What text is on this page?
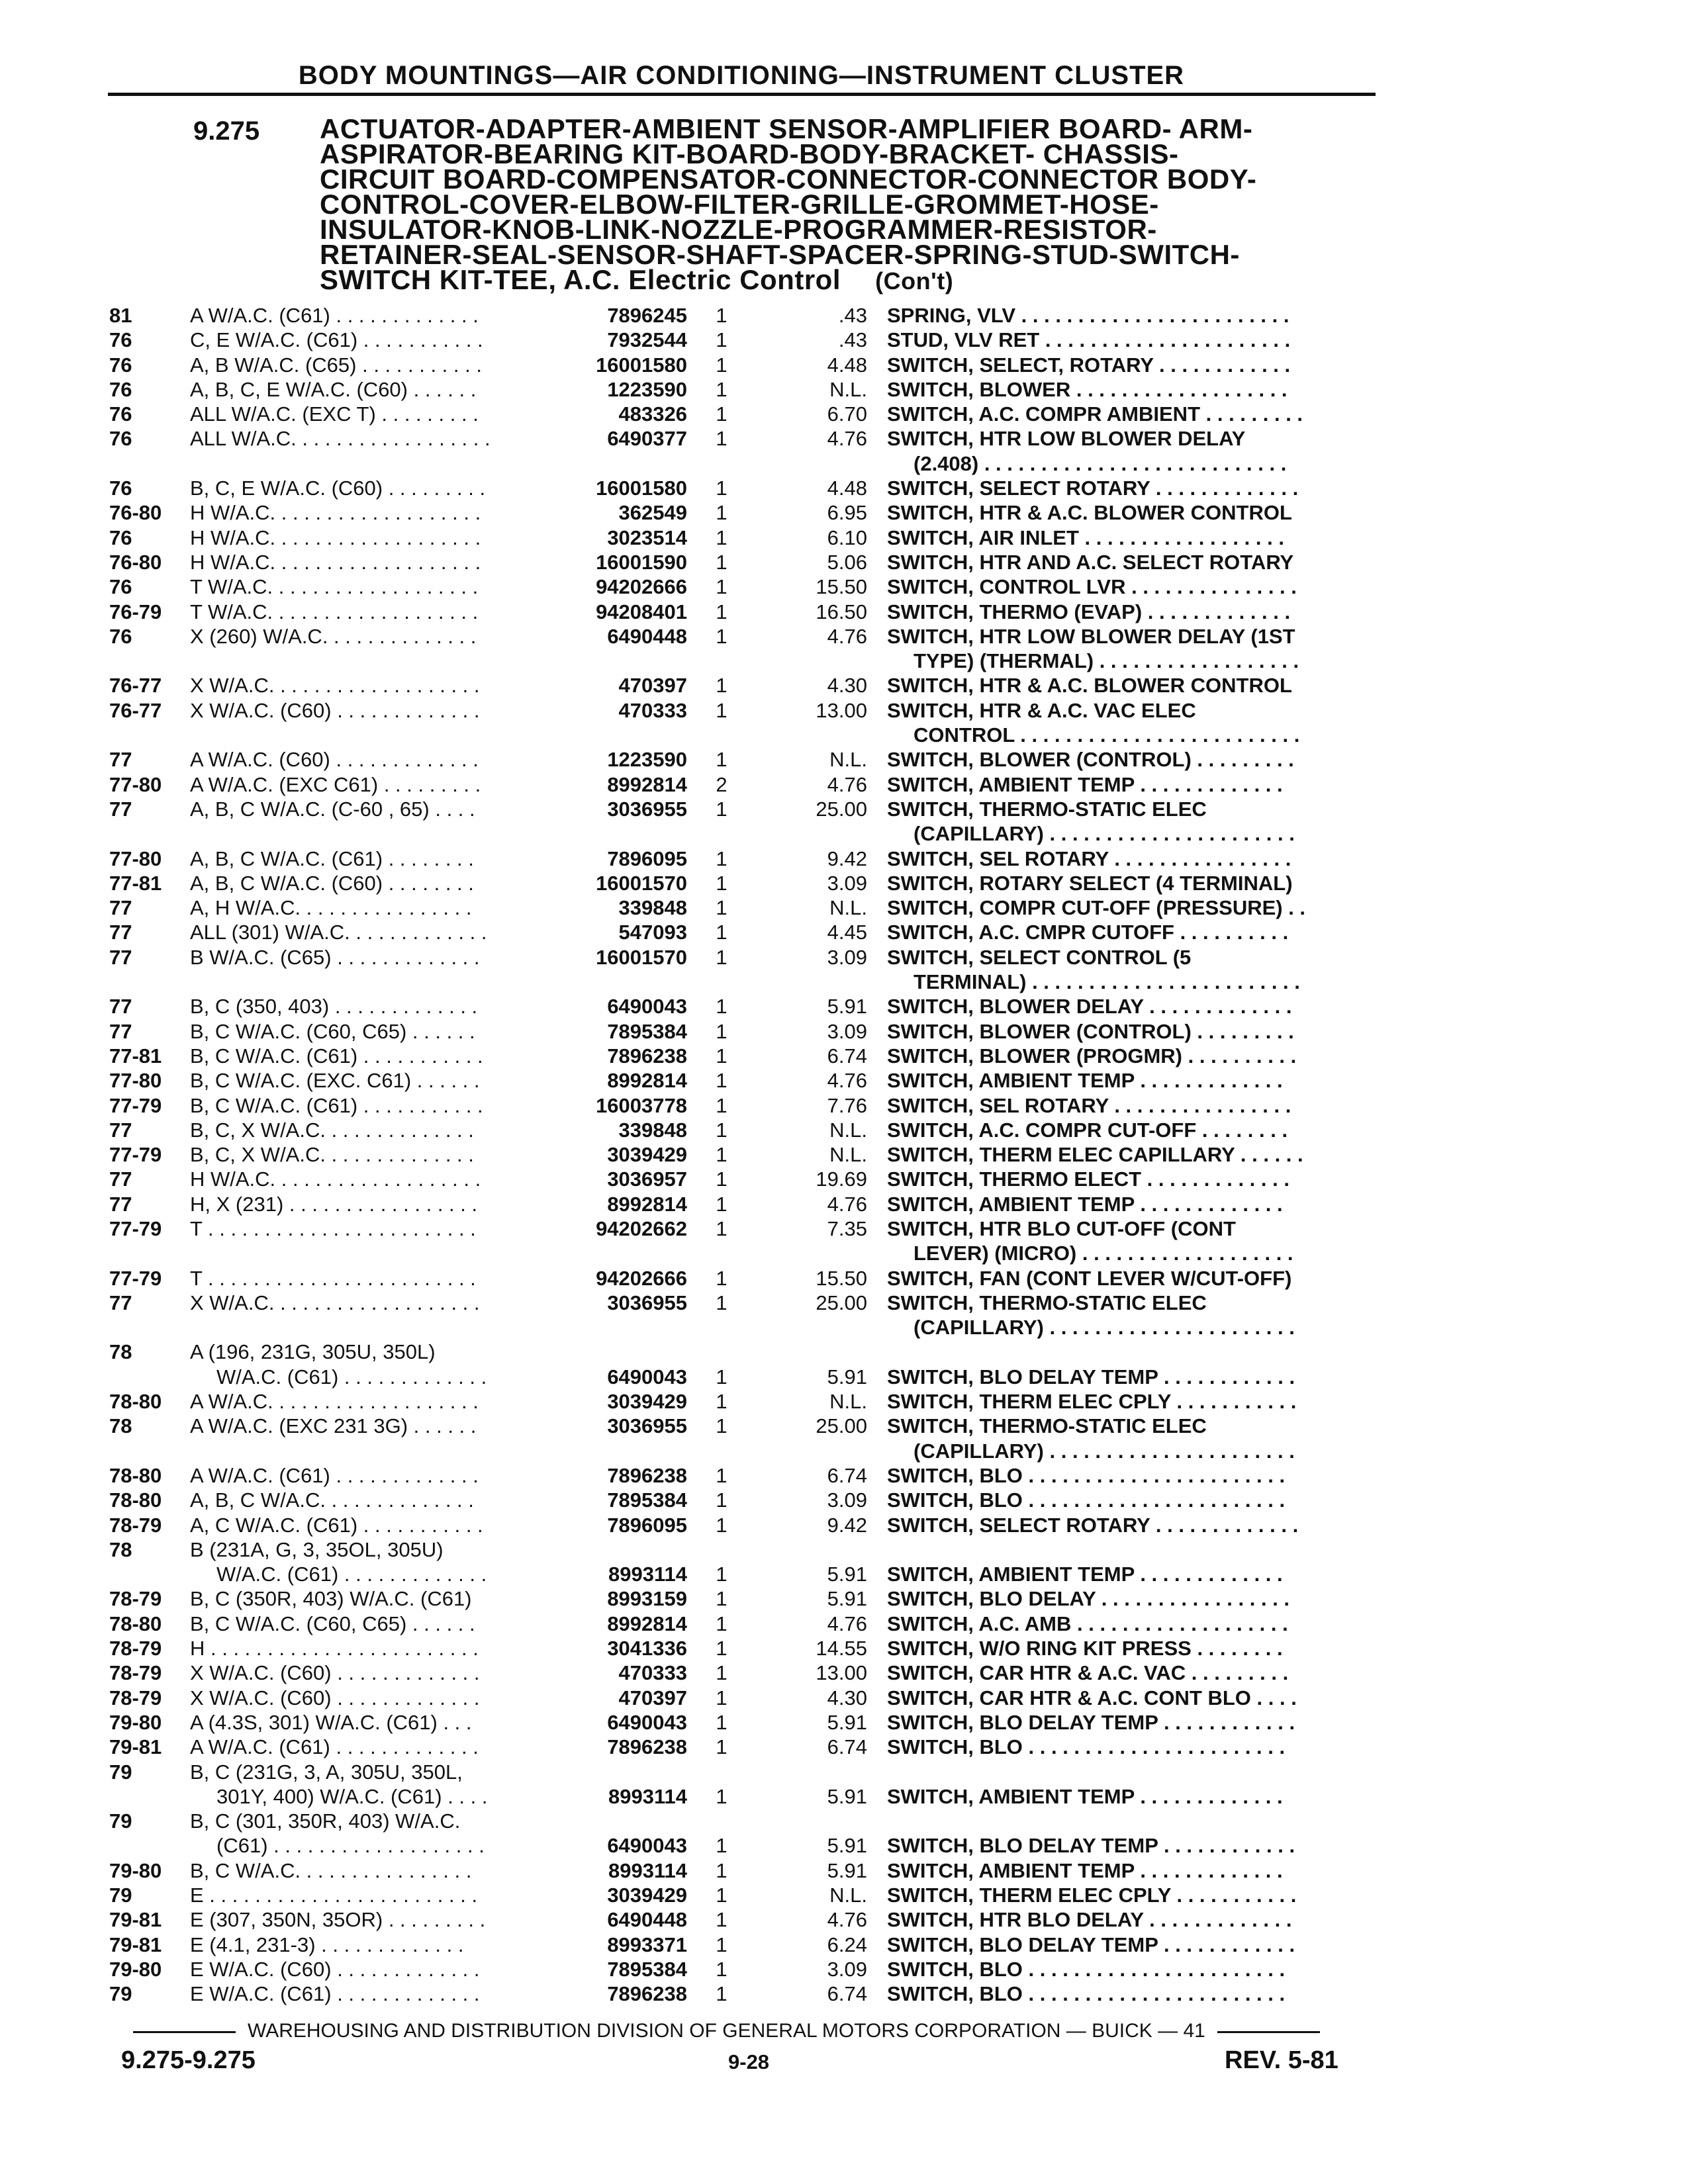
BODY MOUNTINGS—AIR CONDITIONING—INSTRUMENT CLUSTER
9.275 ACTUATOR-ADAPTER-AMBIENT SENSOR-AMPLIFIER BOARD- ARM-
ASPIRATOR-BEARING KIT-BOARD-BODY-BRACKET- CHASSIS-
CIRCUIT BOARD-COMPENSATOR-CONNECTOR-CONNECTOR BODY-
CONTROL-COVER-ELBOW-FILTER-GRILLE-GROMMET-HOSE-
INSULATOR-KNOB-LINK-NOZZLE-PROGRAMMER-RESISTOR-
RETAINER-SEAL-SENSOR-SHAFT-SPACER-SPRING-STUD-SWITCH-
SWITCH KIT-TEE, A.C. Electric Control (Con't)
81	A W/A.C. (C61) . . . . . . . . . . . . .	7896245	1	.43 SPRING, VLV . . . . . . . . . . . . . . . . . . . . . . . .
76	C, E W/A.C. (C61) . . . . . . . . . . .	7932544	1	.43 STUD, VLV RET . . . . . . . . . . . . . . . . . . . . . .
76	A, B W/A.C. (C65) . . . . . . . . . . .	16001580	1	4.48 SWITCH, SELECT, ROTARY . . . . . . . . . . . .
76	A, B, C, E W/A.C. (C60) . . . . . .	1223590	1	N.L. SWITCH, BLOWER . . . . . . . . . . . . . . . . . . .
76	ALL W/A.C. (EXC T) . . . . . . . . .	483326	1	6.70 SWITCH, A.C. COMPR AMBIENT . . . . . . . . .
76	ALL W/A.C. . . . . . . . . . . . . . . . . .	6490377	1	4.76 SWITCH, HTR LOW BLOWER DELAY
(2.408) . . . . . . . . . . . . . . . . . . . . . . . . . . .
76	B, C, E W/A.C. (C60) . . . . . . . . .	16001580	1	4.48 SWITCH, SELECT ROTARY . . . . . . . . . . . . .
76-80 H W/A.C. . . . . . . . . . . . . . . . . . .	362549	1	6.95 SWITCH, HTR & A.C. BLOWER CONTROL
76	H W/A.C. . . . . . . . . . . . . . . . . . .	3023514	1	6.10 SWITCH, AIR INLET . . . . . . . . . . . . . . . . . .
76-80 H W/A.C. . . . . . . . . . . . . . . . . . .	16001590	1	5.06 SWITCH, HTR AND A.C. SELECT ROTARY
76	T W/A.C. . . . . . . . . . . . . . . . . . .	94202666	1	15.50 SWITCH, CONTROL LVR . . . . . . . . . . . . . . .
76-79 T W/A.C. . . . . . . . . . . . . . . . . . .	94208401	1	16.50 SWITCH, THERMO (EVAP) . . . . . . . . . . . . .
76	X (260) W/A.C. . . . . . . . . . . . . .	6490448	1	4.76 SWITCH, HTR LOW BLOWER DELAY (1ST
TYPE) (THERMAL) . . . . . . . . . . . . . . . . . .
76-77 X W/A.C. . . . . . . . . . . . . . . . . . .	470397	1	4.30 SWITCH, HTR & A.C. BLOWER CONTROL
76-77 X W/A.C. (C60) . . . . . . . . . . . . .	470333	1	13.00 SWITCH, HTR & A.C. VAC ELEC
CONTROL . . . . . . . . . . . . . . . . . . . . . . . . .
77	A W/A.C. (C60) . . . . . . . . . . . . .	1223590	1	N.L. SWITCH, BLOWER (CONTROL) . . . . . . . . .
77-80 A W/A.C. (EXC C61) . . . . . . . . .	8992814	2	4.76 SWITCH, AMBIENT TEMP . . . . . . . . . . . . .
77	A, B, C W/A.C. (C-60 , 65) . . . .	3036955	1	25.00 SWITCH, THERMO-STATIC ELEC
(CAPILLARY) . . . . . . . . . . . . . . . . . . . . . .
77-80 A, B, C W/A.C. (C61) . . . . . . . .	7896095	1	9.42 SWITCH, SEL ROTARY . . . . . . . . . . . . . . . .
77-81 A, B, C W/A.C. (C60) . . . . . . . .	16001570	1	3.09 SWITCH, ROTARY SELECT (4 TERMINAL)
77	A, H W/A.C. . . . . . . . . . . . . . . .	339848	1	N.L. SWITCH, COMPR CUT-OFF (PRESSURE) . .
77	ALL (301) W/A.C. . . . . . . . . . . . .	547093	1	4.45 SWITCH, A.C. CMPR CUTOFF . . . . . . . . . .
77	B W/A.C. (C65) . . . . . . . . . . . . .	16001570	1	3.09 SWITCH, SELECT CONTROL (5
TERMINAL) . . . . . . . . . . . . . . . . . . . . . . . .
77	B, C (350, 403) . . . . . . . . . . . . .	6490043	1	5.91 SWITCH, BLOWER DELAY . . . . . . . . . . . . .
77	B, C W/A.C. (C60, C65) . . . . . .	7895384	1	3.09 SWITCH, BLOWER (CONTROL) . . . . . . . . .
77-81 B, C W/A.C. (C61) . . . . . . . . . . .	7896238	1	6.74 SWITCH, BLOWER (PROGMR) . . . . . . . . . .
77-80 B, C W/A.C. (EXC. C61) . . . . . .	8992814	1	4.76 SWITCH, AMBIENT TEMP . . . . . . . . . . . . .
77-79 B, C W/A.C. (C61) . . . . . . . . . . .	16003778	1	7.76 SWITCH, SEL ROTARY . . . . . . . . . . . . . . . .
77	B, C, X W/A.C. . . . . . . . . . . . . .	339848	1	N.L. SWITCH, A.C. COMPR CUT-OFF . . . . . . . .
77-79 B, C, X W/A.C. . . . . . . . . . . . . .	3039429	1	N.L. SWITCH, THERM ELEC CAPILLARY . . . . . .
77	H W/A.C. . . . . . . . . . . . . . . . . . .	3036957	1	19.69 SWITCH, THERMO ELECT . . . . . . . . . . . . .
77	H, X (231) . . . . . . . . . . . . . . . . .	8992814	1	4.76 SWITCH, AMBIENT TEMP . . . . . . . . . . . . .
77-79 T . . . . . . . . . . . . . . . . . . . . . . . .	94202662	1	7.35 SWITCH, HTR BLO CUT-OFF (CONT
LEVER) (MICRO) . . . . . . . . . . . . . . . . . . .
77-79 T . . . . . . . . . . . . . . . . . . . . . . . .	94202666	1	15.50 SWITCH, FAN (CONT LEVER W/CUT-OFF)
77	X W/A.C. . . . . . . . . . . . . . . . . . .	3036955	1	25.00 SWITCH, THERMO-STATIC ELEC
(CAPILLARY) . . . . . . . . . . . . . . . . . . . . . .
78	A (196, 231G, 305U, 350L)
W/A.C. (C61) . . . . . . . . . . . . .	6490043	1	5.91 SWITCH, BLO DELAY TEMP . . . . . . . . . . . .
78-80 A W/A.C. . . . . . . . . . . . . . . . . . .	3039429	1	N.L. SWITCH, THERM ELEC CPLY . . . . . . . . . . .
78	A W/A.C. (EXC 231 3G) . . . . . .	3036955	1	25.00 SWITCH, THERMO-STATIC ELEC
(CAPILLARY) . . . . . . . . . . . . . . . . . . . . . .
78-80 A W/A.C. (C61) . . . . . . . . . . . . .	7896238	1	6.74 SWITCH, BLO . . . . . . . . . . . . . . . . . . . . . . .
78-80 A, B, C W/A.C. . . . . . . . . . . . . .	7895384	1	3.09 SWITCH, BLO . . . . . . . . . . . . . . . . . . . . . . .
78-79 A, C W/A.C. (C61) . . . . . . . . . . .	7896095	1	9.42 SWITCH, SELECT ROTARY . . . . . . . . . . . . .
78	B (231A, G, 3, 35OL, 305U)
W/A.C. (C61) . . . . . . . . . . . . .	8993114	1	5.91 SWITCH, AMBIENT TEMP . . . . . . . . . . . . .
78-79 B, C (350R, 403) W/A.C. (C61)	8993159	1	5.91 SWITCH, BLO DELAY . . . . . . . . . . . . . . . . .
78-80 B, C W/A.C. (C60, C65) . . . . . .	8992814	1	4.76 SWITCH, A.C. AMB . . . . . . . . . . . . . . . . . . .
78-79 H . . . . . . . . . . . . . . . . . . . . . . . .	3041336	1	14.55 SWITCH, W/O RING KIT PRESS . . . . . . . .
78-79 X W/A.C. (C60) . . . . . . . . . . . . .	470333	1	13.00 SWITCH, CAR HTR & A.C. VAC . . . . . . . . .
78-79 X W/A.C. (C60) . . . . . . . . . . . . .	470397	1	4.30 SWITCH, CAR HTR & A.C. CONT BLO . . . .
79-80 A (4.3S, 301) W/A.C. (C61) . . .	6490043	1	5.91 SWITCH, BLO DELAY TEMP . . . . . . . . . . . .
79-81 A W/A.C. (C61) . . . . . . . . . . . . .	7896238	1	6.74 SWITCH, BLO . . . . . . . . . . . . . . . . . . . . . . .
79	B, C (231G, 3, A, 305U, 350L,
301Y, 400) W/A.C. (C61) . . . .	8993114	1	5.91 SWITCH, AMBIENT TEMP . . . . . . . . . . . . .
79	B, C (301, 350R, 403) W/A.C.
(C61) . . . . . . . . . . . . . . . . . . .	6490043	1	5.91 SWITCH, BLO DELAY TEMP . . . . . . . . . . . .
79-80 B, C W/A.C. . . . . . . . . . . . . . . .	8993114	1	5.91 SWITCH, AMBIENT TEMP . . . . . . . . . . . . .
79	E . . . . . . . . . . . . . . . . . . . . . . . .	3039429	1	N.L. SWITCH, THERM ELEC CPLY . . . . . . . . . . .
79-81 E (307, 350N, 35OR) . . . . . . . . .	6490448	1	4.76 SWITCH, HTR BLO DELAY . . . . . . . . . . . . .
79-81 E (4.1, 231-3) . . . . . . . . . . . . .	8993371	1	6.24 SWITCH, BLO DELAY TEMP . . . . . . . . . . . .
79-80 E W/A.C. (C60) . . . . . . . . . . . . .	7895384	1	3.09 SWITCH, BLO . . . . . . . . . . . . . . . . . . . . . . .
79	E W/A.C. (C61) . . . . . . . . . . . . .	7896238	1	6.74 SWITCH, BLO . . . . . . . . . . . . . . . . . . . . . . .
WAREHOUSING AND DISTRIBUTION DIVISION OF GENERAL MOTORS CORPORATION — BUICK — 41
9.275-9.275	9-28	REV. 5-81
